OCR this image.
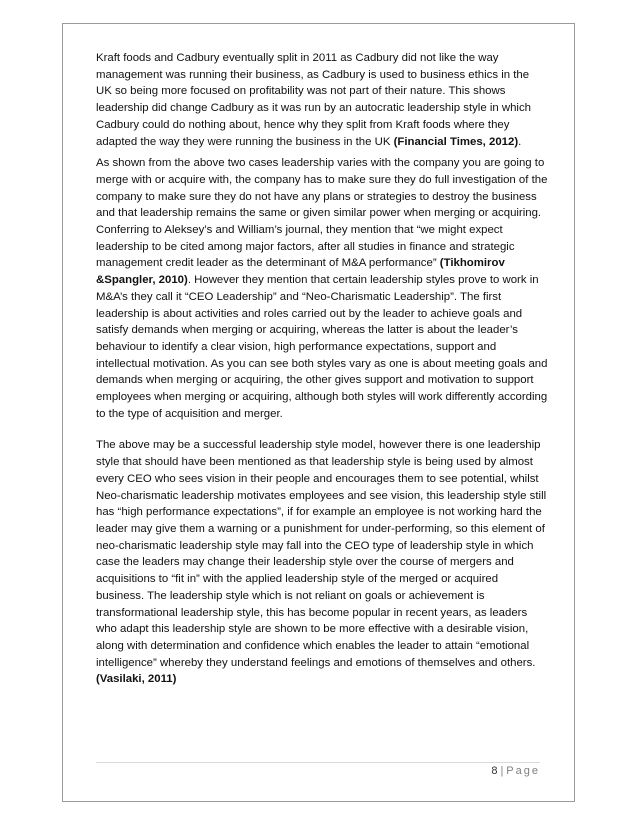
Kraft foods and Cadbury eventually split in 2011 as Cadbury did not like the way management was running their business, as Cadbury is used to business ethics in the UK so being more focused on profitability was not part of their nature. This shows leadership did change Cadbury as it was run by an autocratic leadership style in which Cadbury could do nothing about, hence why they split from Kraft foods where they adapted the way they were running the business in the UK (Financial Times, 2012).

As shown from the above two cases leadership varies with the company you are going to merge with or acquire with, the company has to make sure they do full investigation of the company to make sure they do not have any plans or strategies to destroy the business and that leadership remains the same or given similar power when merging or acquiring. Conferring to Aleksey’s and William’s journal, they mention that “we might expect leadership to be cited among major factors, after all studies in finance and strategic management credit leader as the determinant of M&A performance” (Tikhomirov &Spangler, 2010). However they mention that certain leadership styles prove to work in M&A’s they call it “CEO Leadership” and “Neo-Charismatic Leadership”. The first leadership is about activities and roles carried out by the leader to achieve goals and satisfy demands when merging or acquiring, whereas the latter is about the leader’s behaviour to identify a clear vision, high performance expectations, support and intellectual motivation. As you can see both styles vary as one is about meeting goals and demands when merging or acquiring, the other gives support and motivation to support employees when merging or acquiring, although both styles will work differently according to the type of acquisition and merger.

The above may be a successful leadership style model, however there is one leadership style that should have been mentioned as that leadership style is being used by almost every CEO who sees vision in their people and encourages them to see potential, whilst Neo-charismatic leadership motivates employees and see vision, this leadership style still has “high performance expectations”, if for example an employee is not working hard the leader may give them a warning or a punishment for under-performing, so this element of neo-charismatic leadership style may fall into the CEO type of leadership style in which case the leaders may change their leadership style over the course of mergers and acquisitions to “fit in” with the applied leadership style of the merged or acquired business. The leadership style which is not reliant on goals or achievement is transformational leadership style, this has become popular in recent years, as leaders who adapt this leadership style are shown to be more effective with a desirable vision, along with determination and confidence which enables the leader to attain “emotional intelligence” whereby they understand feelings and emotions of themselves and others. (Vasilaki, 2011)

8 | Page
